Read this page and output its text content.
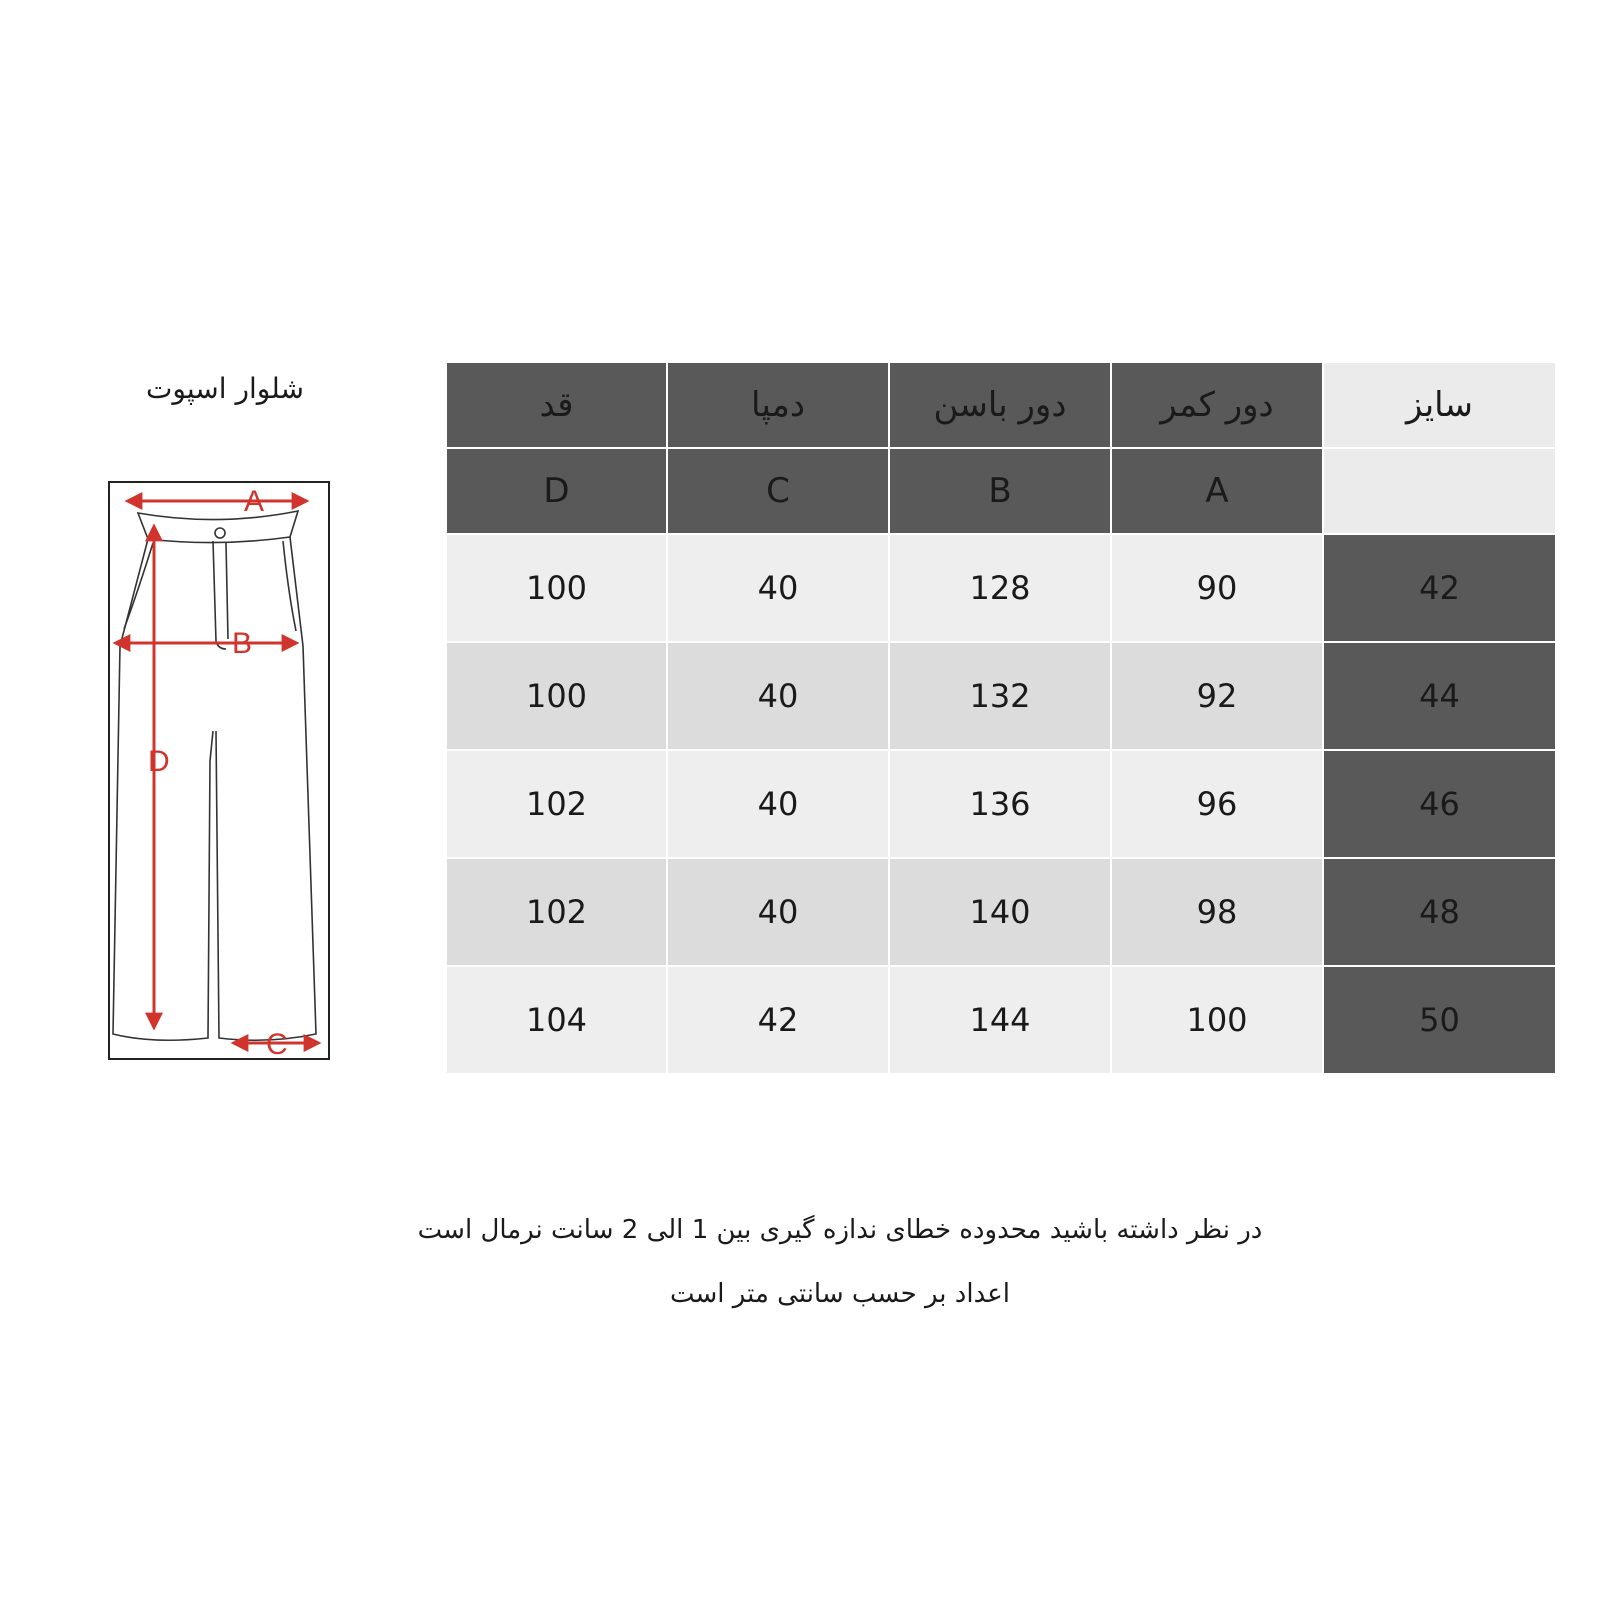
شلوار اسپوت
A
B
D
C
قد	دمپا	دور باسن	دور کمر	سایز
D	C	B	A	
100	40	128	90	42
100	40	132	92	44
102	40	136	96	46
102	40	140	98	48
104	42	144	100	50
در نظر داشته باشید محدوده خطای ندازه گیری بین 1 الی 2 سانت نرمال است
اعداد بر حسب سانتی متر است
